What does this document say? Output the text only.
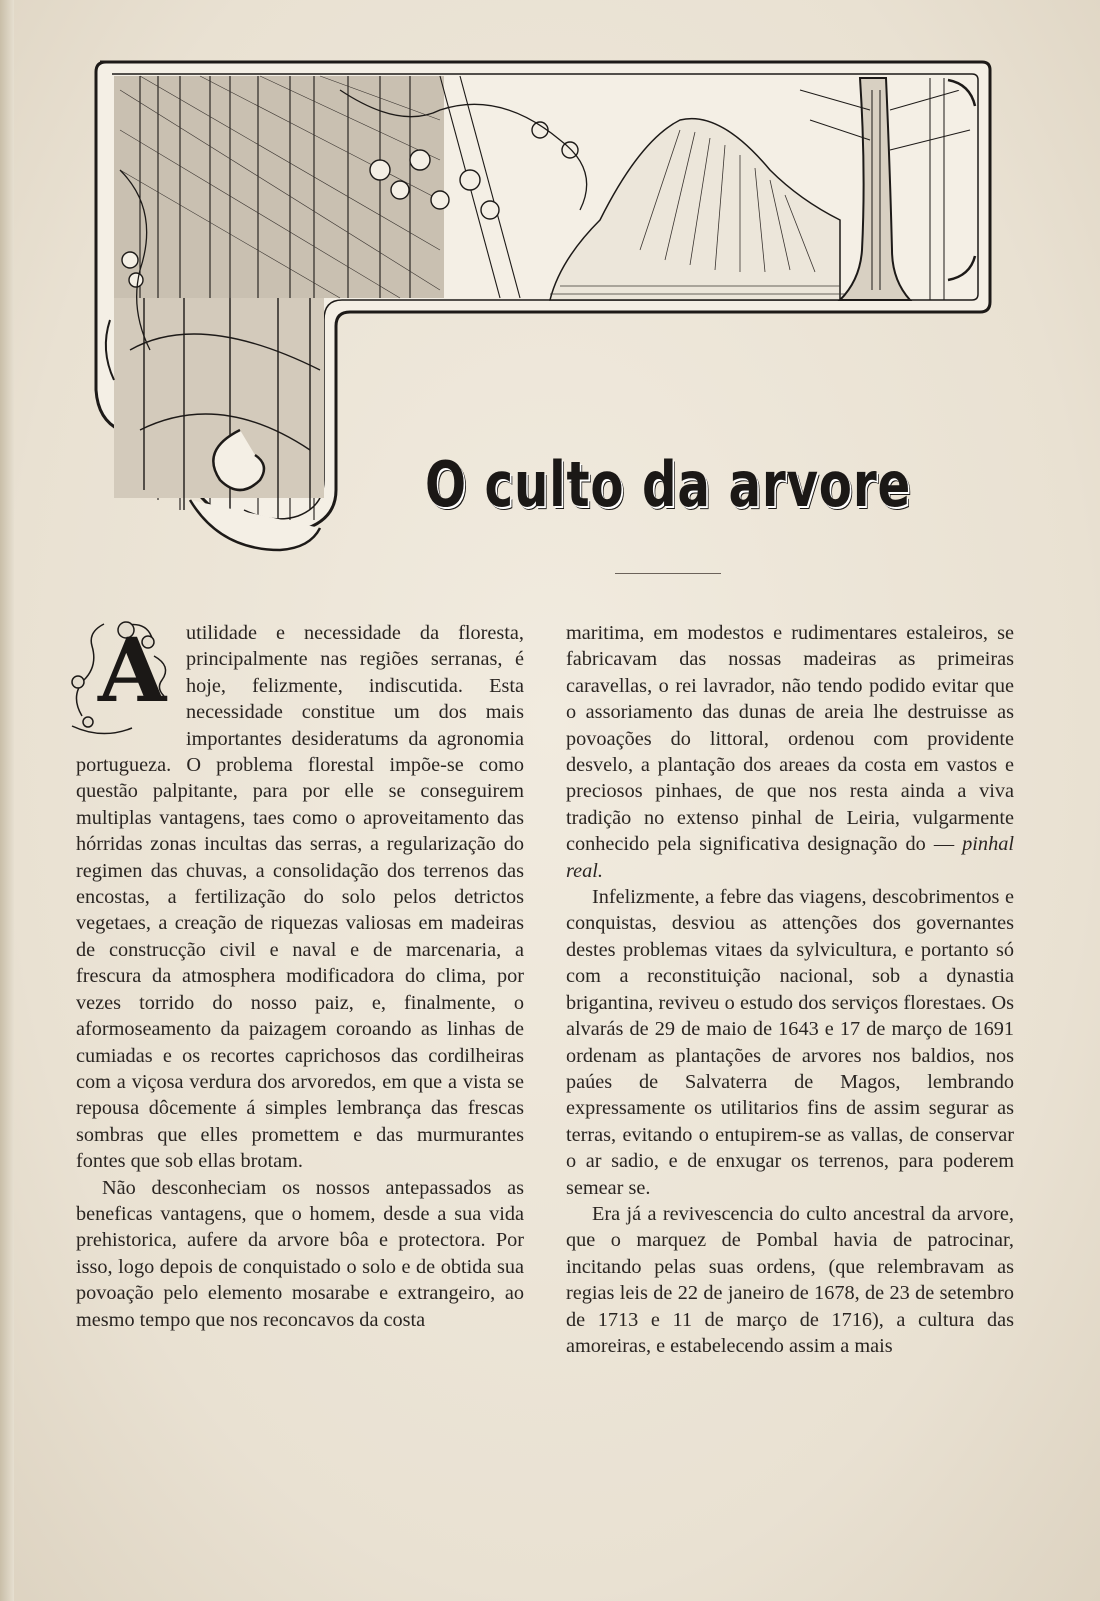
O culto da arvore
A utilidade e necessidade da floresta, principalmente nas regiões serranas, é hoje, felizmente, indiscutida. Esta necessidade constitue um dos mais importantes desideratums da agronomia portugueza. O problema florestal impõe-se como questão palpitante, para por elle se conseguirem multiplas vantagens, taes como o aproveitamento das hórridas zonas incultas das serras, a regularização do regimen das chuvas, a consolidação dos terrenos das encostas, a fertilização do solo pelos detrictos vegetaes, a creação de riquezas valiosas em madeiras de construcção civil e naval e de marcenaria, a frescura da atmosphera modificadora do clima, por vezes torrido do nosso paiz, e, finalmente, o aformoseamento da paizagem coroando as linhas de cumiadas e os recortes caprichosos das cordilheiras com a viçosa verdura dos arvoredos, em que a vista se repousa dôcemente á simples lembrança das frescas sombras que elles promettem e das murmurantes fontes que sob ellas brotam.

Não desconheciam os nossos antepassados as beneficas vantagens, que o homem, desde a sua vida prehistorica, aufere da arvore bôa e protectora. Por isso, logo depois de conquistado o solo e de obtida sua povoação pelo elemento mosarabe e extrangeiro, ao mesmo tempo que nos reconcavos da costa

maritima, em modestos e rudimentares estaleiros, se fabricavam das nossas madeiras as primeiras caravellas, o rei lavrador, não tendo podido evitar que o assoriamento das dunas de areia lhe destruisse as povoações do littoral, ordenou com providente desvelo, a plantação dos areaes da costa em vastos e preciosos pinhaes, de que nos resta ainda a viva tradição no extenso pinhal de Leiria, vulgarmente conhecido pela significativa designação do — pinhal real.

Infelizmente, a febre das viagens, descobrimentos e conquistas, desviou as attenções dos governantes destes problemas vitaes da sylvicultura, e portanto só com a reconstituição nacional, sob a dynastia brigantina, reviveu o estudo dos serviços florestaes. Os alvarás de 29 de maio de 1643 e 17 de março de 1691 ordenam as plantações de arvores nos baldios, nos paúes de Salvaterra de Magos, lembrando expressamente os utilitarios fins de assim segurar as terras, evitando o entupirem-se as vallas, de conservar o ar sadio, e de enxugar os terrenos, para poderem semear se.

Era já a revivescencia do culto ancestral da arvore, que o marquez de Pombal havia de patrocinar, incitando pelas suas ordens, (que relembravam as regias leis de 22 de janeiro de 1678, de 23 de setembro de 1713 e 11 de março de 1716), a cultura das amoreiras, e estabelecendo assim a mais
